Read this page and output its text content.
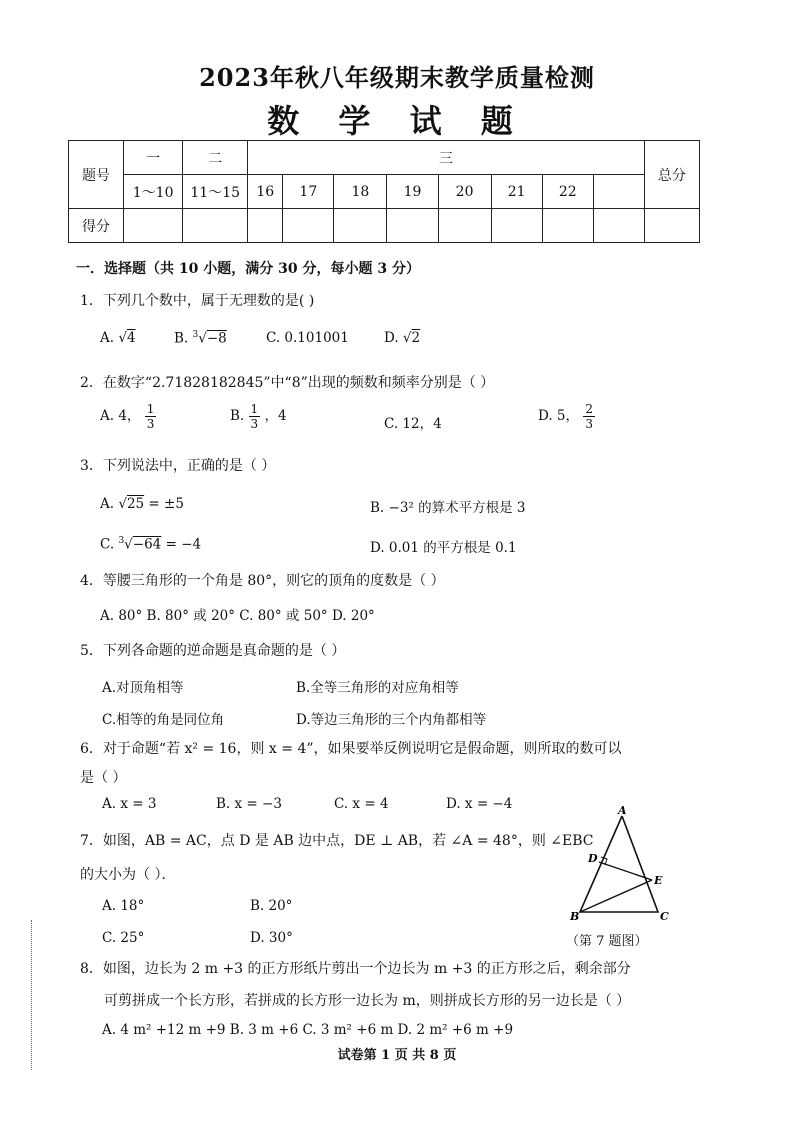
2023年秋八年级期末教学质量检测
数 学 试 题
题号	一	二	三								总分
	1～10	11～15	16	17	18	19	20	21	22		
得分											
一．选择题（共 10 小题，满分 30 分，每小题 3 分）
1．下列几个数中，属于无理数的是( )
A. √4	B. $^3$√−8	C. 0.101001	D. √2
2．在数字“2.71828182845”中“8”出现的频数和频率分别是（ ）
A. 4， $\frac{1}{3}$	B. $\frac{1}{3}$ ，4	C. 12，4	D. 5， $\frac{2}{3}$
3．下列说法中，正确的是（ ）
A. √25 = ±5	B. −3² 的算术平方根是 3
C. $^3$√−64 = −4	D. 0.01 的平方根是 0.1
4．等腰三角形的一个角是 80°，则它的顶角的度数是（ ）
A. 80° B. 80° 或 20° C. 80° 或 50° D. 20°
5．下列各命题的逆命题是真命题的是（ ）
A.对顶角相等	B.全等三角形的对应角相等
C.相等的角是同位角	D.等边三角形的三个内角都相等
6．对于命题“若 x² = 16，则 x = 4”，如果要举反例说明它是假命题，则所取的数可以
是（ ）
A. x = 3	B. x = −3	C. x = 4	D. x = −4
7．如图，AB = AC，点 D 是 AB 边中点，DE ⊥ AB，若 ∠A = 48°，则 ∠EBC
的大小为（ ）．
A. 18°	B. 20°
C. 25°	D. 30°
A
D
E
B	C
（第 7 题图）
8．如图，边长为 2 m +3 的正方形纸片剪出一个边长为 m +3 的正方形之后，剩余部分
可剪拼成一个长方形，若拼成的长方形一边长为 m，则拼成长方形的另一边长是（ ）
A. 4 m² +12 m +9 B. 3 m +6 C. 3 m² +6 m D. 2 m² +6 m +9
试卷第 1 页 共 8 页
